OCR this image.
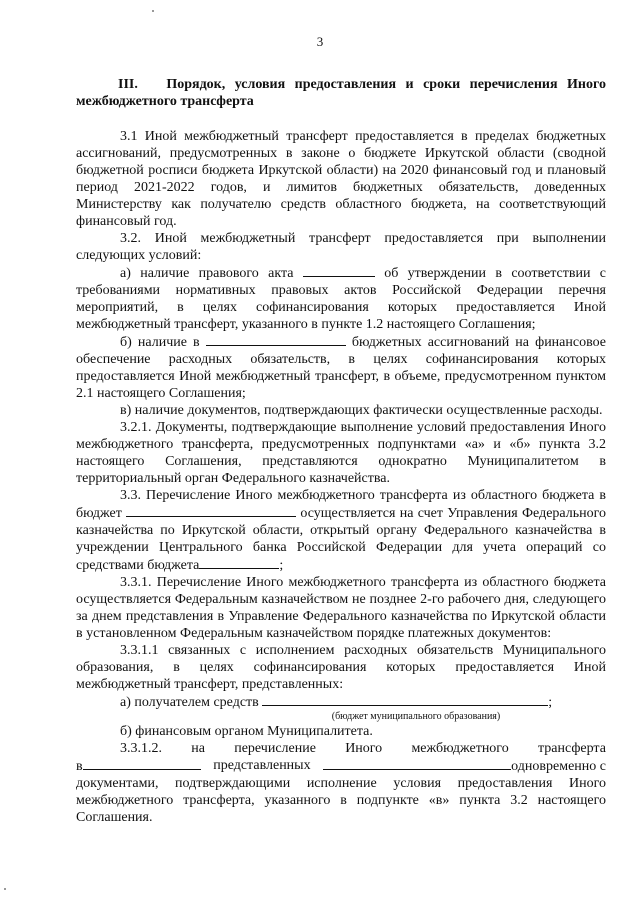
3
III. Порядок, условия предоставления и сроки перечисления Иного межбюджетного трансферта

3.1 Иной межбюджетный трансферт предоставляется в пределах бюджетных ассигнований, предусмотренных в законе о бюджете Иркутской области (сводной бюджетной росписи бюджета Иркутской области) на 2020 финансовый год и плановый период 2021-2022 годов, и лимитов бюджетных обязательств, доведенных Министерству как получателю средств областного бюджета, на соответствующий финансовый год.

3.2. Иной межбюджетный трансферт предоставляется при выполнении следующих условий:

а) наличие правового акта	об утверждении в соответствии с требованиями нормативных правовых актов Российской Федерации перечня мероприятий, в целях софинансирования которых предоставляется Иной межбюджетный трансферт, указанного в пункте 1.2 настоящего Соглашения;

б) наличие в	бюджетных ассигнований на финансовое обеспечение расходных обязательств, в целях софинансирования которых предоставляется Иной межбюджетный трансферт, в объеме, предусмотренном пунктом 2.1 настоящего Соглашения;

в) наличие документов, подтверждающих фактически осуществленные расходы.

3.2.1. Документы, подтверждающие выполнение условий предоставления Иного межбюджетного трансферта, предусмотренных подпунктами «а» и «б» пункта 3.2 настоящего Соглашения, представляются однократно Муниципалитетом в территориальный орган Федерального казначейства.

3.3. Перечисление Иного межбюджетного трансферта из областного бюджета в бюджет	осуществляется на счет Управления Федерального казначейства по Иркутской области, открытый органу Федерального казначейства в учреждении Центрального банка Российской Федерации для учета операций со средствами бюджета	;

3.3.1. Перечисление Иного межбюджетного трансферта из областного бюджета осуществляется Федеральным казначейством не позднее 2-го рабочего дня, следующего за днем представления в Управление Федерального казначейства по Иркутской области в установленном Федеральным казначейством порядке платежных документов:

3.3.1.1 связанных с исполнением расходных обязательств Муниципального образования, в целях софинансирования которых предоставляется Иной межбюджетный трансферт, представленных:

а) получателем средств	;

(бюджет муниципального образования)

б) финансовым органом Муниципалитета.

3.3.1.2. на перечисление Иного межбюджетного трансферта
в	представленных	одновременно с

документами, подтверждающими исполнение условия предоставления Иного межбюджетного трансферта, указанного в подпункте «в» пункта 3.2 настоящего Соглашения.
